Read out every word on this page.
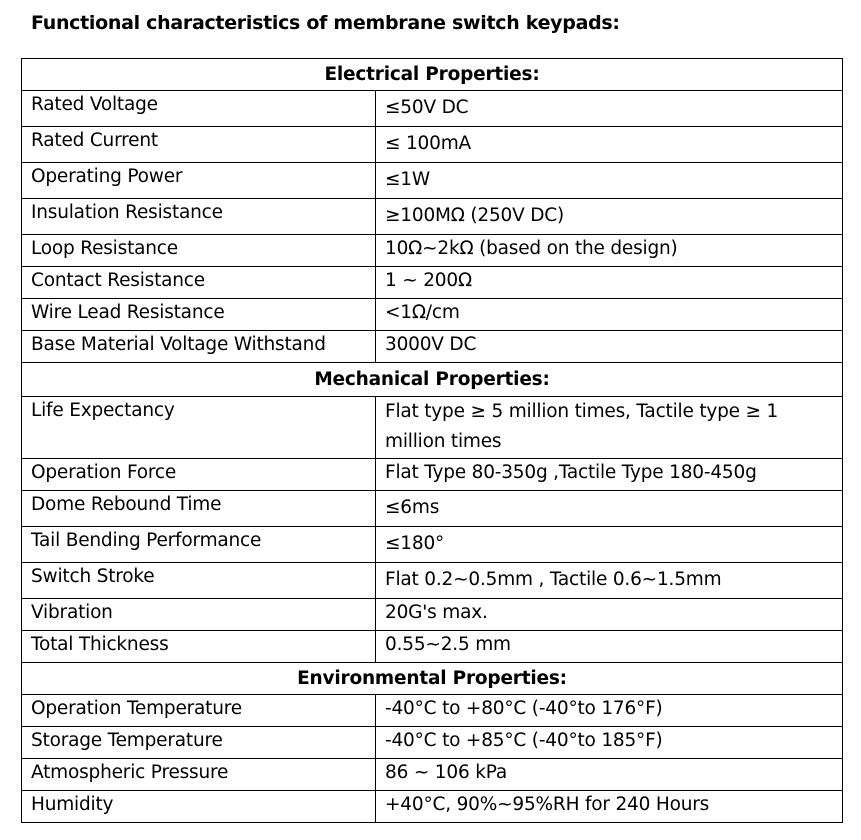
Functional characteristics of membrane switch keypads:
Electrical Properties:	
Rated Voltage	≤50V DC
Rated Current	≤ 100mA
Operating Power	≤1W
Insulation Resistance	≥100MΩ (250V DC)
Loop Resistance	10Ω~2kΩ (based on the design)
Contact Resistance	1 ~ 200Ω
Wire Lead Resistance	<1Ω/cm
Base Material Voltage Withstand	3000V DC
Mechanical Properties:	
Life Expectancy	Flat type ≥ 5 million times, Tactile type ≥ 1 million times
Operation Force	Flat Type 80-350g ,Tactile Type 180-450g
Dome Rebound Time	≤6ms
Tail Bending Performance	≤180°
Switch Stroke	Flat 0.2~0.5mm , Tactile 0.6~1.5mm
Vibration	20G's max.
Total Thickness	0.55~2.5 mm
Environmental Properties:	
Operation Temperature	-40°C to +80°C (-40°to 176°F)
Storage Temperature	-40°C to +85°C (-40°to 185°F)
Atmospheric Pressure	86 ~ 106 kPa
Humidity	+40°C, 90%~95%RH for 240 Hours
